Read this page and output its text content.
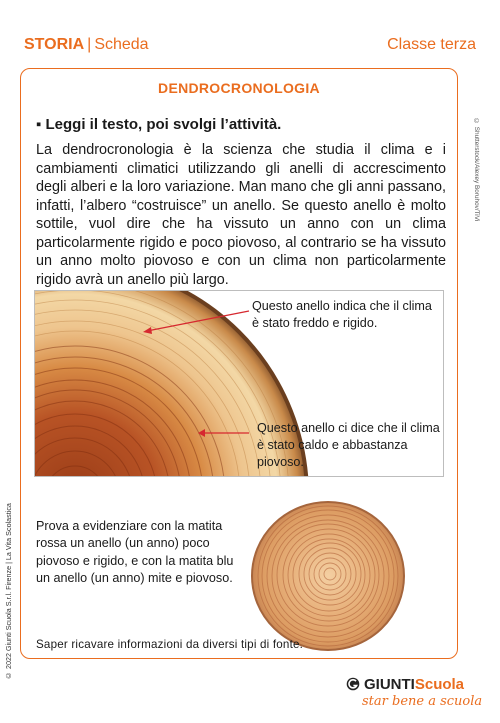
STORIA | Scheda	Classe terza
DENDROCRONOLOGIA
▪ Leggi il testo, poi svolgi l’attività.
La dendrocronologia è la scienza che studia il clima e i cambiamenti climatici utilizzando gli anelli di accrescimento degli alberi e la loro variazione. Man mano che gli anni passano, infatti, l’albero “costruisce” un anello. Se questo anello è molto sottile, vuol dire che ha vissuto un anno con un clima particolarmente rigido e poco piovoso, al contrario se ha vissuto un anno molto piovoso e con un clima non particolarmente rigido avrà un anello più largo.
Questo anello indica che il clima è stato freddo e rigido.
Questo anello ci dice che il clima è stato caldo e abbastanza piovoso.
Prova a evidenziare con la matita rossa un anello (un anno) poco piovoso e rigido, e con la matita blu un anello (un anno) mite e piovoso.
Saper ricavare informazioni da diversi tipi di fonte.
© Shutterstock/Alexey Boruhov/TiVi
© 2022 Giunti Scuola S.r.l. Firenze | La Vita Scolastica
GIUNTIScuola
star bene a scuola
